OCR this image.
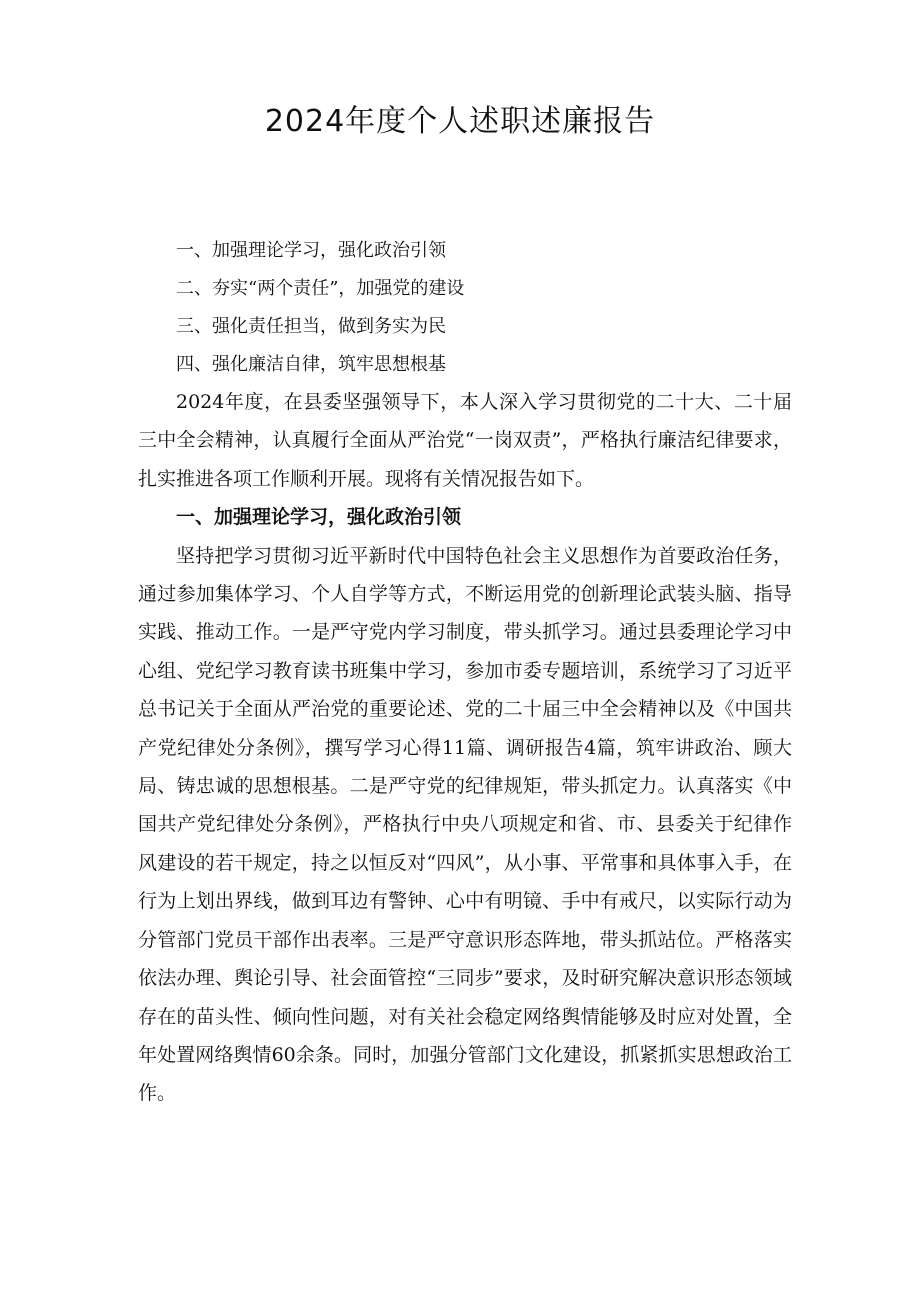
2024年度个人述职述廉报告
一、加强理论学习，强化政治引领
二、夯实“两个责任”，加强党的建设
三、强化责任担当，做到务实为民
四、强化廉洁自律，筑牢思想根基

2024年度，在县委坚强领导下，本人深入学习贯彻党的二十大、二十届三中全会精神，认真履行全面从严治党“一岗双责”，严格执行廉洁纪律要求，扎实推进各项工作顺利开展。现将有关情况报告如下。

一、加强理论学习，强化政治引领

坚持把学习贯彻习近平新时代中国特色社会主义思想作为首要政治任务，通过参加集体学习、个人自学等方式，不断运用党的创新理论武装头脑、指导实践、推动工作。一是严守党内学习制度，带头抓学习。通过县委理论学习中心组、党纪学习教育读书班集中学习，参加市委专题培训，系统学习了习近平总书记关于全面从严治党的重要论述、党的二十届三中全会精神以及《中国共产党纪律处分条例》，撰写学习心得11篇、调研报告4篇，筑牢讲政治、顾大局、铸忠诚的思想根基。二是严守党的纪律规矩，带头抓定力。认真落实《中国共产党纪律处分条例》，严格执行中央八项规定和省、市、县委关于纪律作风建设的若干规定，持之以恒反对“四风”，从小事、平常事和具体事入手，在行为上划出界线，做到耳边有警钟、心中有明镜、手中有戒尺，以实际行动为分管部门党员干部作出表率。三是严守意识形态阵地，带头抓站位。严格落实依法办理、舆论引导、社会面管控“三同步”要求，及时研究解决意识形态领域存在的苗头性、倾向性问题，对有关社会稳定网络舆情能够及时应对处置，全年处置网络舆情60余条。同时，加强分管部门文化建设，抓紧抓实思想政治工作。
